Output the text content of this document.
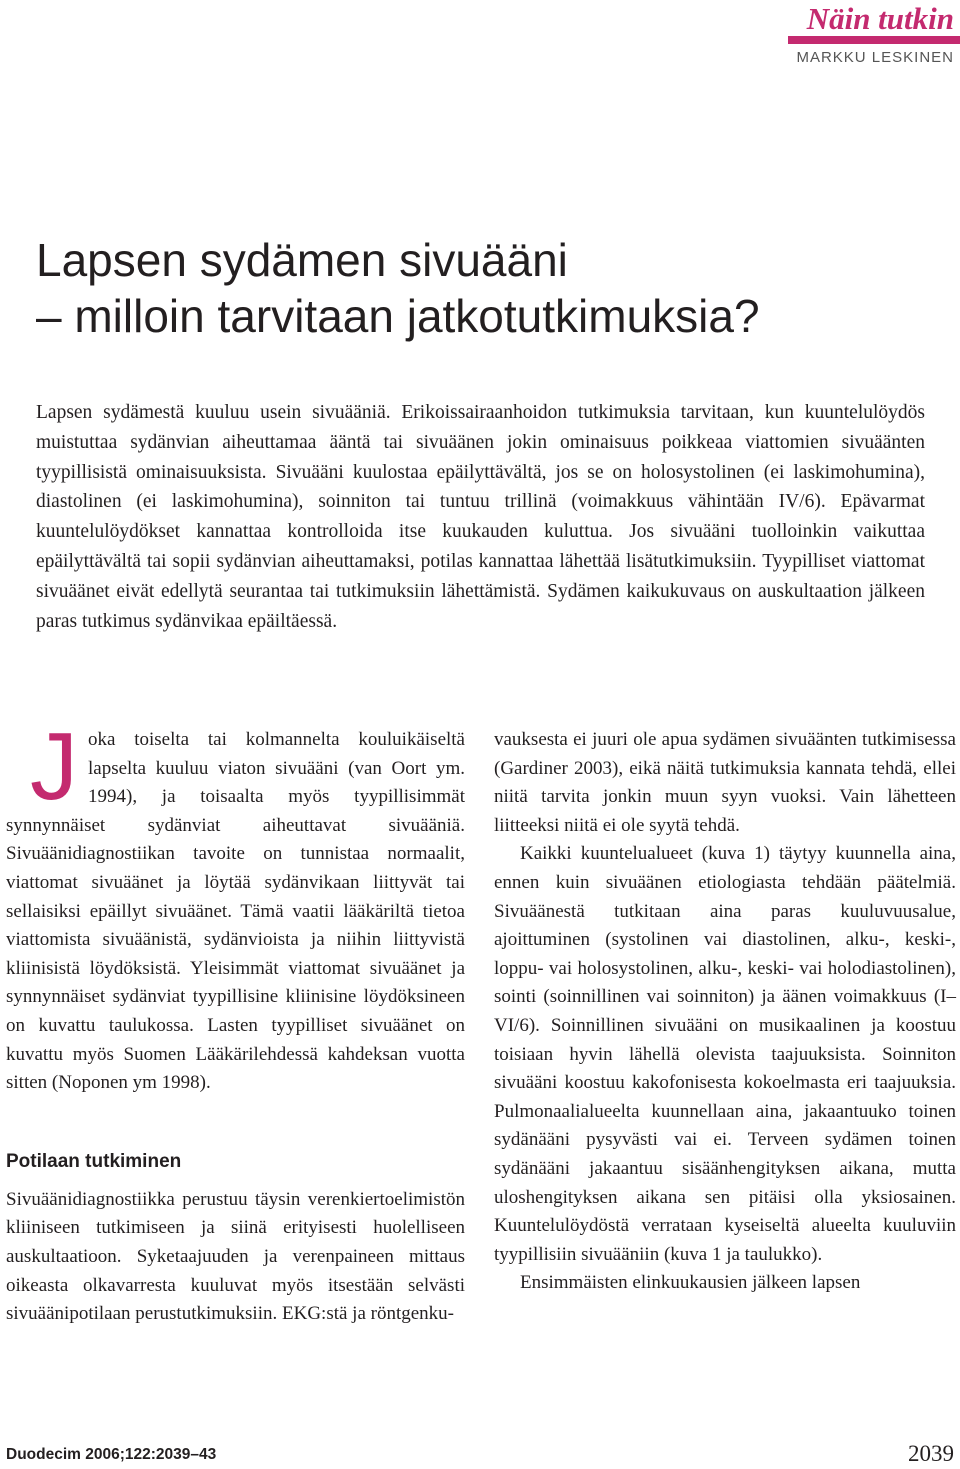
Näin tutkin
MARKKU LESKINEN
Lapsen sydämen sivuääni
– milloin tarvitaan jatkotutkimuksia?

Lapsen sydämestä kuuluu usein sivuääniä. Erikoissairaanhoidon tutkimuksia tarvitaan, kun kuuntelulöydös muistuttaa sydänvian aiheuttamaa ääntä tai sivuäänen jokin ominaisuus poikkeaa viattomien sivuäänten tyypillisistä ominaisuuksista. Sivuääni kuulostaa epäilyttävältä, jos se on holosystolinen (ei laskimohumina), diastolinen (ei laskimohumina), soinniton tai tuntuu trillinä (voimakkuus vähintään IV/6). Epävarmat kuuntelulöydökset kannattaa kontrolloida itse kuukauden kuluttua. Jos sivuääni tuolloinkin vaikuttaa epäilyttävältä tai sopii sydänvian aiheuttamaksi, potilas kannattaa lähettää lisätutkimuksiin. Tyypilliset viattomat sivuäänet eivät edellytä seurantaa tai tutkimuksiin lähettämistä. Sydämen kaikukuvaus on auskultaation jälkeen paras tutkimus sydänvikaa epäiltäessä.

Joka toiselta tai kolmannelta kouluikäiseltä lapselta kuuluu viaton sivuääni (van Oort ym. 1994), ja toisaalta myös tyypillisimmät synnynnäiset sydänviat aiheuttavat sivuääniä. Sivuäänidiagnostiikan tavoite on tunnistaa normaalit, viattomat sivuäänet ja löytää sydänvikaan liittyvät tai sellaisiksi epäillyt sivuäänet. Tämä vaatii lääkäriltä tietoa viattomista sivuäänistä, sydänvioista ja niihin liittyvistä kliinisistä löydöksistä. Yleisimmät viattomat sivuäänet ja synnynnäiset sydänviat tyypillisine kliinisine löydöksineen on kuvattu taulukossa. Lasten tyypilliset sivuäänet on kuvattu myös Suomen Lääkärilehdessä kahdeksan vuotta sitten (Noponen ym 1998).

Potilaan tutkiminen

Sivuäänidiagnostiikka perustuu täysin verenkiertoelimistön kliiniseen tutkimiseen ja siinä erityisesti huolelliseen auskultaatioon. Syketaajuuden ja verenpaineen mittaus oikeasta olkavarresta kuuluvat myös itsestään selvästi sivuäänipotilaan perustutkimuksiin. EKG:stä ja röntgenku-

vauksesta ei juuri ole apua sydämen sivuäänten tutkimisessa (Gardiner 2003), eikä näitä tutkimuksia kannata tehdä, ellei niitä tarvita jonkin muun syyn vuoksi. Vain lähetteen liitteeksi niitä ei ole syytä tehdä.

Kaikki kuuntelualueet (kuva 1) täytyy kuunnella aina, ennen kuin sivuäänen etiologiasta tehdään päätelmiä. Sivuäänestä tutkitaan aina paras kuuluvuusalue, ajoittuminen (systolinen vai diastolinen, alku-, keski-, loppu- vai holosystolinen, alku-, keski- vai holodiastolinen), sointi (soinnillinen vai soinniton) ja äänen voimakkuus (I–VI/6). Soinnillinen sivuääni on musikaalinen ja koostuu toisiaan hyvin lähellä olevista taajuuksista. Soinniton sivuääni koostuu kakofonisesta kokoelmasta eri taajuuksia. Pulmonaalialueelta kuunnellaan aina, jakaantuuko toinen sydänääni pysyvästi vai ei. Terveen sydämen toinen sydänääni jakaantuu sisäänhengityksen aikana, mutta uloshengityksen aikana sen pitäisi olla yksiosainen. Kuuntelulöydöstä verrataan kyseiseltä alueelta kuuluviin tyypillisiin sivuääniin (kuva 1 ja taulukko).

Ensimmäisten elinkuukausien jälkeen lapsen

Duodecim 2006;122:2039–43	2039
